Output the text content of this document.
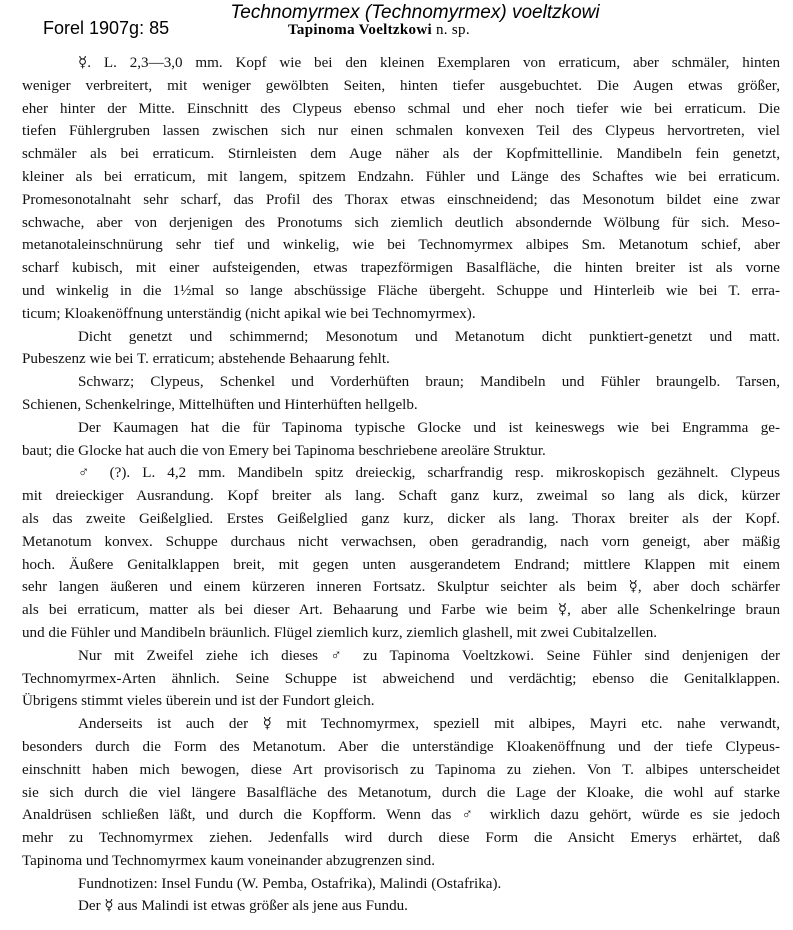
Forel 1907g: 85
Technomyrmex (Technomyrmex) voeltzkowi
Tapinoma Voeltzkowi n. sp.
☿. L. 2,3—3,0 mm. Kopf wie bei den kleinen Exemplaren von erraticum, aber schmäler, hinten
weniger verbreitert, mit weniger gewölbten Seiten, hinten tiefer ausgebuchtet. Die Augen etwas größer,
eher hinter der Mitte. Einschnitt des Clypeus ebenso schmal und eher noch tiefer wie bei erraticum. Die
tiefen Fühlergruben lassen zwischen sich nur einen schmalen konvexen Teil des Clypeus hervortreten, viel
schmäler als bei erraticum. Stirnleisten dem Auge näher als der Kopfmittellinie. Mandibeln fein genetzt,
kleiner als bei erraticum, mit langem, spitzem Endzahn. Fühler und Länge des Schaftes wie bei erraticum.
Promesonotalnaht sehr scharf, das Profil des Thorax etwas einschneidend; das Mesonotum bildet eine zwar
schwache, aber von derjenigen des Pronotums sich ziemlich deutlich absondernde Wölbung für sich. Meso-
metanotaleinschnürung sehr tief und winkelig, wie bei Technomyrmex albipes Sm. Metanotum schief, aber
scharf kubisch, mit einer aufsteigenden, etwas trapezförmigen Basalfläche, die hinten breiter ist als vorne
und winkelig in die 1½mal so lange abschüssige Fläche übergeht. Schuppe und Hinterleib wie bei T. erra-
ticum; Kloakenöffnung unterständig (nicht apikal wie bei Technomyrmex).
Dicht genetzt und schimmernd; Mesonotum und Metanotum dicht punktiert-genetzt und matt.
Pubeszenz wie bei T. erraticum; abstehende Behaarung fehlt.
Schwarz; Clypeus, Schenkel und Vorderhüften braun; Mandibeln und Fühler braungelb. Tarsen,
Schienen, Schenkelringe, Mittelhüften und Hinterhüften hellgelb.
Der Kaumagen hat die für Tapinoma typische Glocke und ist keineswegs wie bei Engramma ge-
baut; die Glocke hat auch die von Emery bei Tapinoma beschriebene areoläre Struktur.
♂ (?). L. 4,2 mm. Mandibeln spitz dreieckig, scharfrandig resp. mikroskopisch gezähnelt. Clypeus
mit dreieckiger Ausrandung. Kopf breiter als lang. Schaft ganz kurz, zweimal so lang als dick, kürzer
als das zweite Geißelglied. Erstes Geißelglied ganz kurz, dicker als lang. Thorax breiter als der Kopf.
Metanotum konvex. Schuppe durchaus nicht verwachsen, oben geradrandig, nach vorn geneigt, aber mäßig
hoch. Äußere Genitalklappen breit, mit gegen unten ausgerandetem Endrand; mittlere Klappen mit einem
sehr langen äußeren und einem kürzeren inneren Fortsatz. Skulptur seichter als beim ☿, aber doch schärfer
als bei erraticum, matter als bei dieser Art. Behaarung und Farbe wie beim ☿, aber alle Schenkelringe braun
und die Fühler und Mandibeln bräunlich. Flügel ziemlich kurz, ziemlich glashell, mit zwei Cubitalzellen.
Nur mit Zweifel ziehe ich dieses ♂ zu Tapinoma Voeltzkowi. Seine Fühler sind denjenigen der
Technomyrmex-Arten ähnlich. Seine Schuppe ist abweichend und verdächtig; ebenso die Genitalklappen.
Übrigens stimmt vieles überein und ist der Fundort gleich.
Anderseits ist auch der ☿ mit Technomyrmex, speziell mit albipes, Mayri etc. nahe verwandt,
besonders durch die Form des Metanotum. Aber die unterständige Kloakenöffnung und der tiefe Clypeus-
einschnitt haben mich bewogen, diese Art provisorisch zu Tapinoma zu ziehen. Von T. albipes unterscheidet
sie sich durch die viel längere Basalfläche des Metanotum, durch die Lage der Kloake, die wohl auf starke
Analdrüsen schließen läßt, und durch die Kopfform. Wenn das ♂ wirklich dazu gehört, würde es sie jedoch
mehr zu Technomyrmex ziehen. Jedenfalls wird durch diese Form die Ansicht Emerys erhärtet, daß
Tapinoma und Technomyrmex kaum voneinander abzugrenzen sind.
Fundnotizen: Insel Fundu (W. Pemba, Ostafrika), Malindi (Ostafrika).
Der ☿ aus Malindi ist etwas größer als jene aus Fundu.
